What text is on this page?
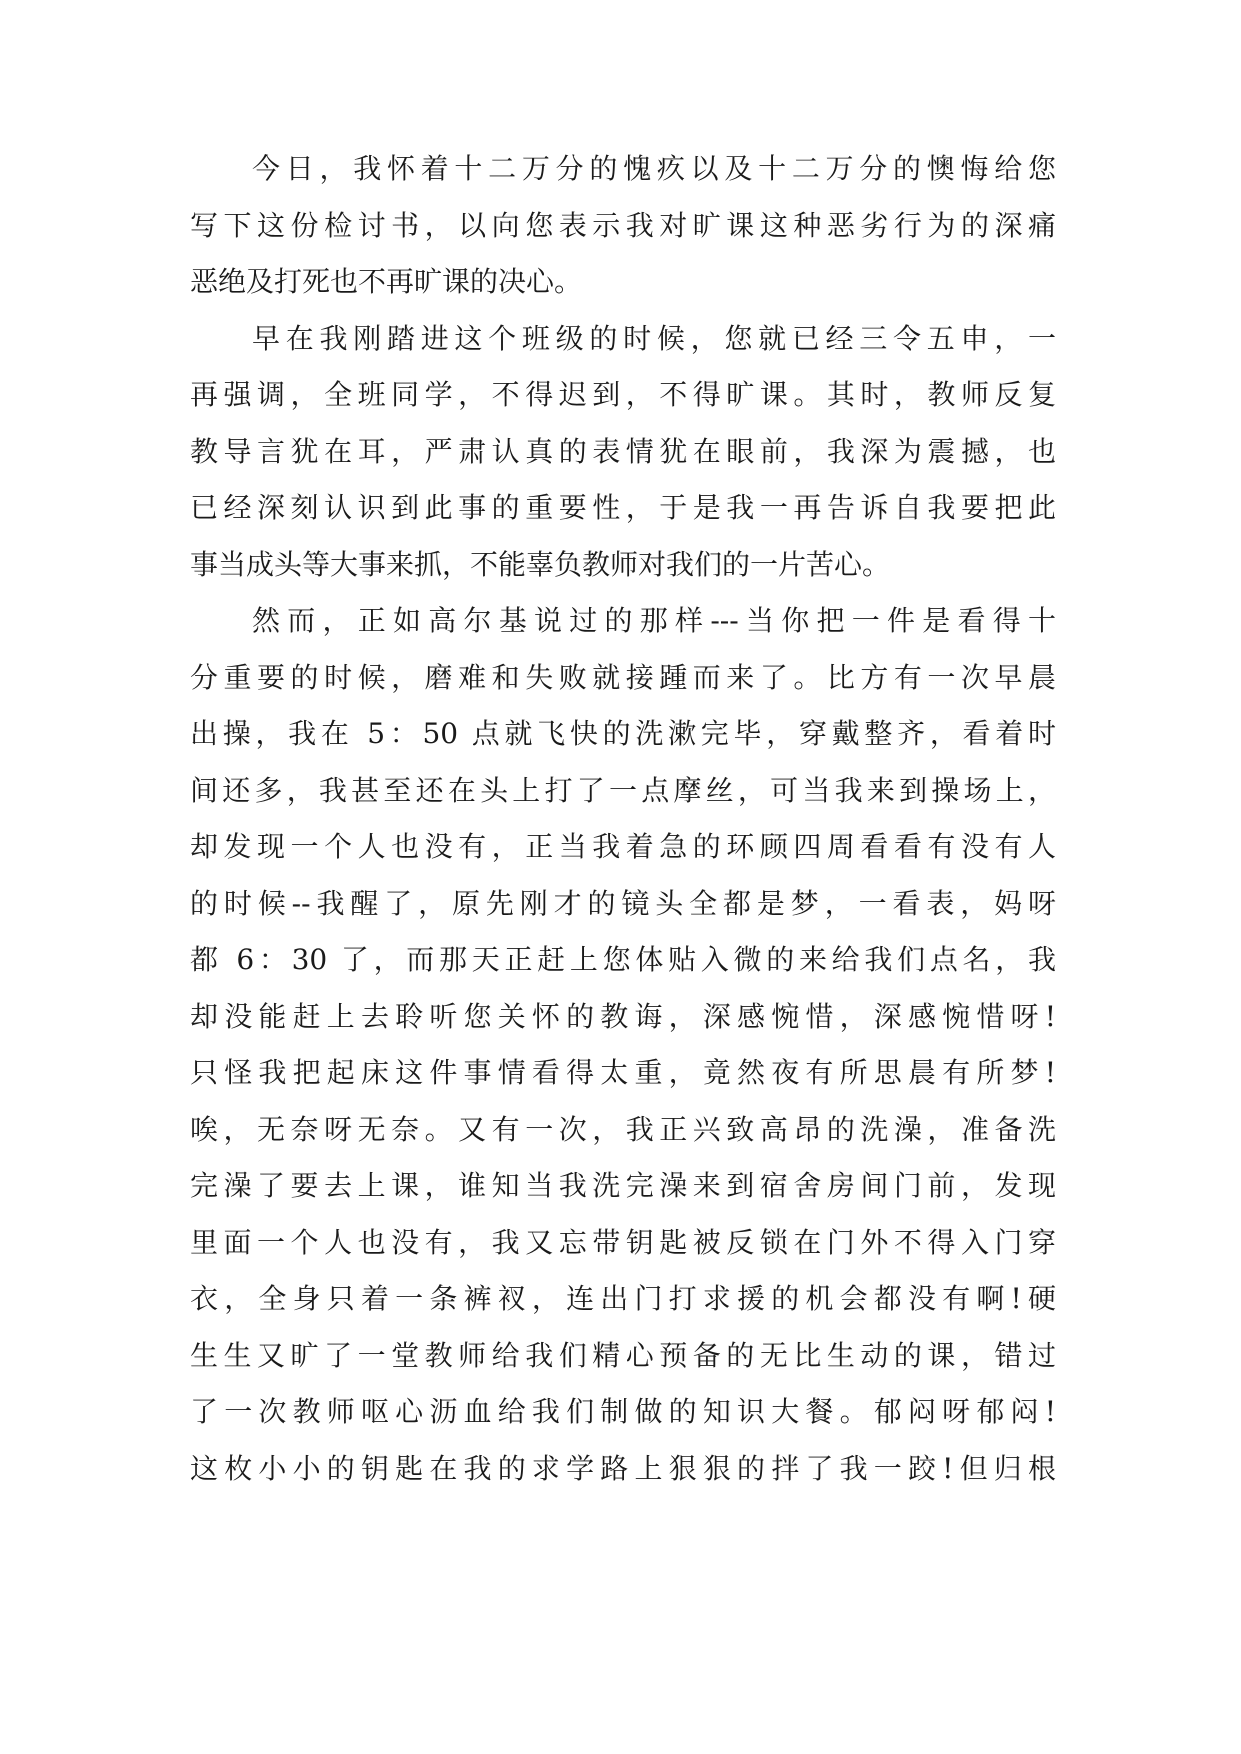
今日，我怀着十二万分的愧疚以及十二万分的懊悔给您
写下这份检讨书，以向您表示我对旷课这种恶劣行为的深痛
恶绝及打死也不再旷课的决心。
早在我刚踏进这个班级的时候，您就已经三令五申，一
再强调，全班同学，不得迟到，不得旷课。其时，教师反复
教导言犹在耳，严肃认真的表情犹在眼前，我深为震撼，也
已经深刻认识到此事的重要性，于是我一再告诉自我要把此
事当成头等大事来抓，不能辜负教师对我们的一片苦心。
然而，正如高尔基说过的那样---当你把一件是看得十
分重要的时候，磨难和失败就接踵而来了。比方有一次早晨
出操，我在 5：50 点就飞快的洗漱完毕，穿戴整齐，看着时
间还多，我甚至还在头上打了一点摩丝，可当我来到操场上，
却发现一个人也没有，正当我着急的环顾四周看看有没有人
的时候--我醒了，原先刚才的镜头全都是梦，一看表，妈呀
都 6：30 了，而那天正赶上您体贴入微的来给我们点名，我
却没能赶上去聆听您关怀的教诲，深感惋惜，深感惋惜呀!
只怪我把起床这件事情看得太重，竟然夜有所思晨有所梦!
唉，无奈呀无奈。又有一次，我正兴致高昂的洗澡，准备洗
完澡了要去上课，谁知当我洗完澡来到宿舍房间门前，发现
里面一个人也没有，我又忘带钥匙被反锁在门外不得入门穿
衣，全身只着一条裤衩，连出门打求援的机会都没有啊!硬
生生又旷了一堂教师给我们精心预备的无比生动的课，错过
了一次教师呕心沥血给我们制做的知识大餐。郁闷呀郁闷!
这枚小小的钥匙在我的求学路上狠狠的拌了我一跤!但归根
